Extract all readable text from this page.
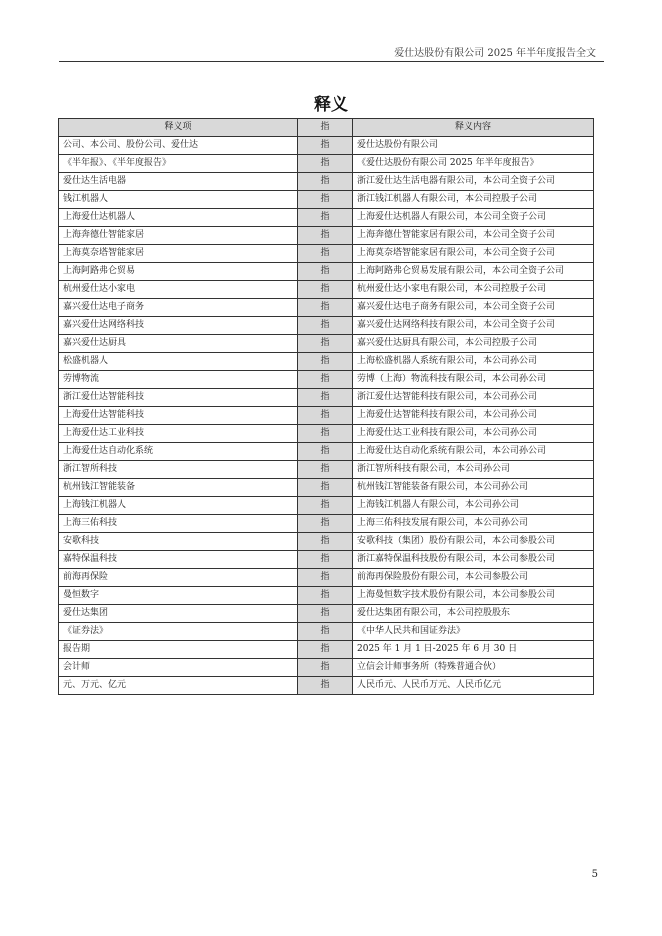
爱仕达股份有限公司 2025 年半年度报告全文
释义
释义项	指	释义内容
公司、本公司、股份公司、爱仕达	指	爱仕达股份有限公司
《半年报》、《半年度报告》	指	《爱仕达股份有限公司 2025 年半年度报告》
爱仕达生活电器	指	浙江爱仕达生活电器有限公司，本公司全资子公司
钱江机器人	指	浙江钱江机器人有限公司，本公司控股子公司
上海爱仕达机器人	指	上海爱仕达机器人有限公司，本公司全资子公司
上海奔德仕智能家居	指	上海奔德仕智能家居有限公司，本公司全资子公司
上海莫奈塔智能家居	指	上海莫奈塔智能家居有限公司，本公司全资子公司
上海阿路弗仑贸易	指	上海阿路弗仑贸易发展有限公司，本公司全资子公司
杭州爱仕达小家电	指	杭州爱仕达小家电有限公司，本公司控股子公司
嘉兴爱仕达电子商务	指	嘉兴爱仕达电子商务有限公司，本公司全资子公司
嘉兴爱仕达网络科技	指	嘉兴爱仕达网络科技有限公司，本公司全资子公司
嘉兴爱仕达厨具	指	嘉兴爱仕达厨具有限公司，本公司控股子公司
松盛机器人	指	上海松盛机器人系统有限公司，本公司孙公司
劳博物流	指	劳博（上海）物流科技有限公司，本公司孙公司
浙江爱仕达智能科技	指	浙江爱仕达智能科技有限公司，本公司孙公司
上海爱仕达智能科技	指	上海爱仕达智能科技有限公司，本公司孙公司
上海爱仕达工业科技	指	上海爱仕达工业科技有限公司，本公司孙公司
上海爱仕达自动化系统	指	上海爱仕达自动化系统有限公司，本公司孙公司
浙江智所科技	指	浙江智所科技有限公司，本公司孙公司
杭州钱江智能装备	指	杭州钱江智能装备有限公司，本公司孙公司
上海钱江机器人	指	上海钱江机器人有限公司，本公司孙公司
上海三佑科技	指	上海三佑科技发展有限公司，本公司孙公司
安歌科技	指	安歌科技（集团）股份有限公司，本公司参股公司
嘉特保温科技	指	浙江嘉特保温科技股份有限公司，本公司参股公司
前海再保险	指	前海再保险股份有限公司，本公司参股公司
曼恒数字	指	上海曼恒数字技术股份有限公司，本公司参股公司
爱仕达集团	指	爱仕达集团有限公司，本公司控股股东
《证券法》	指	《中华人民共和国证券法》
报告期	指	2025 年 1 月 1 日-2025 年 6 月 30 日
会计师	指	立信会计师事务所（特殊普通合伙）
元、万元、亿元	指	人民币元、人民币万元、人民币亿元
5
